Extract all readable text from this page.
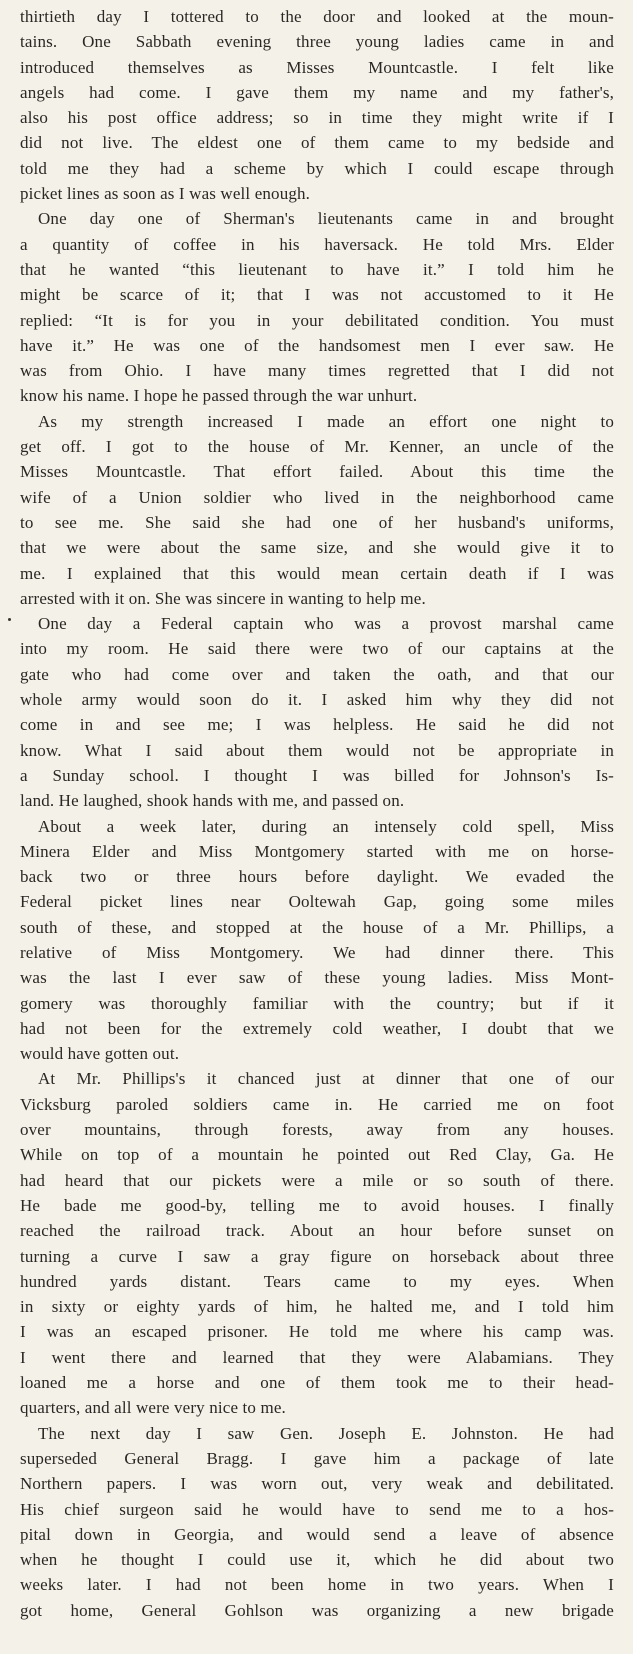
thirtieth day I tottered to the door and looked at the moun-
tains. One Sabbath evening three young ladies came in and
introduced themselves as Misses Mountcastle. I felt like
angels had come. I gave them my name and my father's,
also his post office address; so in time they might write if I
did not live. The eldest one of them came to my bedside and
told me they had a scheme by which I could escape through
picket lines as soon as I was well enough.
One day one of Sherman's lieutenants came in and brought
a quantity of coffee in his haversack. He told Mrs. Elder
that he wanted “this lieutenant to have it.” I told him he
might be scarce of it; that I was not accustomed to it He
replied: “It is for you in your debilitated condition. You must
have it.” He was one of the handsomest men I ever saw. He
was from Ohio. I have many times regretted that I did not
know his name. I hope he passed through the war unhurt.
As my strength increased I made an effort one night to
get off. I got to the house of Mr. Kenner, an uncle of the
Misses Mountcastle. That effort failed. About this time the
wife of a Union soldier who lived in the neighborhood came
to see me. She said she had one of her husband's uniforms,
that we were about the same size, and she would give it to
me. I explained that this would mean certain death if I was
arrested with it on. She was sincere in wanting to help me.
One day a Federal captain who was a provost marshal came
into my room. He said there were two of our captains at the
gate who had come over and taken the oath, and that our
whole army would soon do it. I asked him why they did not
come in and see me; I was helpless. He said he did not
know. What I said about them would not be appropriate in
a Sunday school. I thought I was billed for Johnson's Is-
land. He laughed, shook hands with me, and passed on.
About a week later, during an intensely cold spell, Miss
Minera Elder and Miss Montgomery started with me on horse-
back two or three hours before daylight. We evaded the
Federal picket lines near Ooltewah Gap, going some miles
south of these, and stopped at the house of a Mr. Phillips, a
relative of Miss Montgomery. We had dinner there. This
was the last I ever saw of these young ladies. Miss Mont-
gomery was thoroughly familiar with the country; but if it
had not been for the extremely cold weather, I doubt that we
would have gotten out.
At Mr. Phillips's it chanced just at dinner that one of our
Vicksburg paroled soldiers came in. He carried me on foot
over mountains, through forests, away from any houses.
While on top of a mountain he pointed out Red Clay, Ga. He
had heard that our pickets were a mile or so south of there.
He bade me good-by, telling me to avoid houses. I finally
reached the railroad track. About an hour before sunset on
turning a curve I saw a gray figure on horseback about three
hundred yards distant. Tears came to my eyes. When
in sixty or eighty yards of him, he halted me, and I told him
I was an escaped prisoner. He told me where his camp was.
I went there and learned that they were Alabamians. They
loaned me a horse and one of them took me to their head-
quarters, and all were very nice to me.
The next day I saw Gen. Joseph E. Johnston. He had
superseded General Bragg. I gave him a package of late
Northern papers. I was worn out, very weak and debilitated.
His chief surgeon said he would have to send me to a hos-
pital down in Georgia, and would send a leave of absence
when he thought I could use it, which he did about two
weeks later. I had not been home in two years. When I
got home, General Gohlson was organizing a new brigade
